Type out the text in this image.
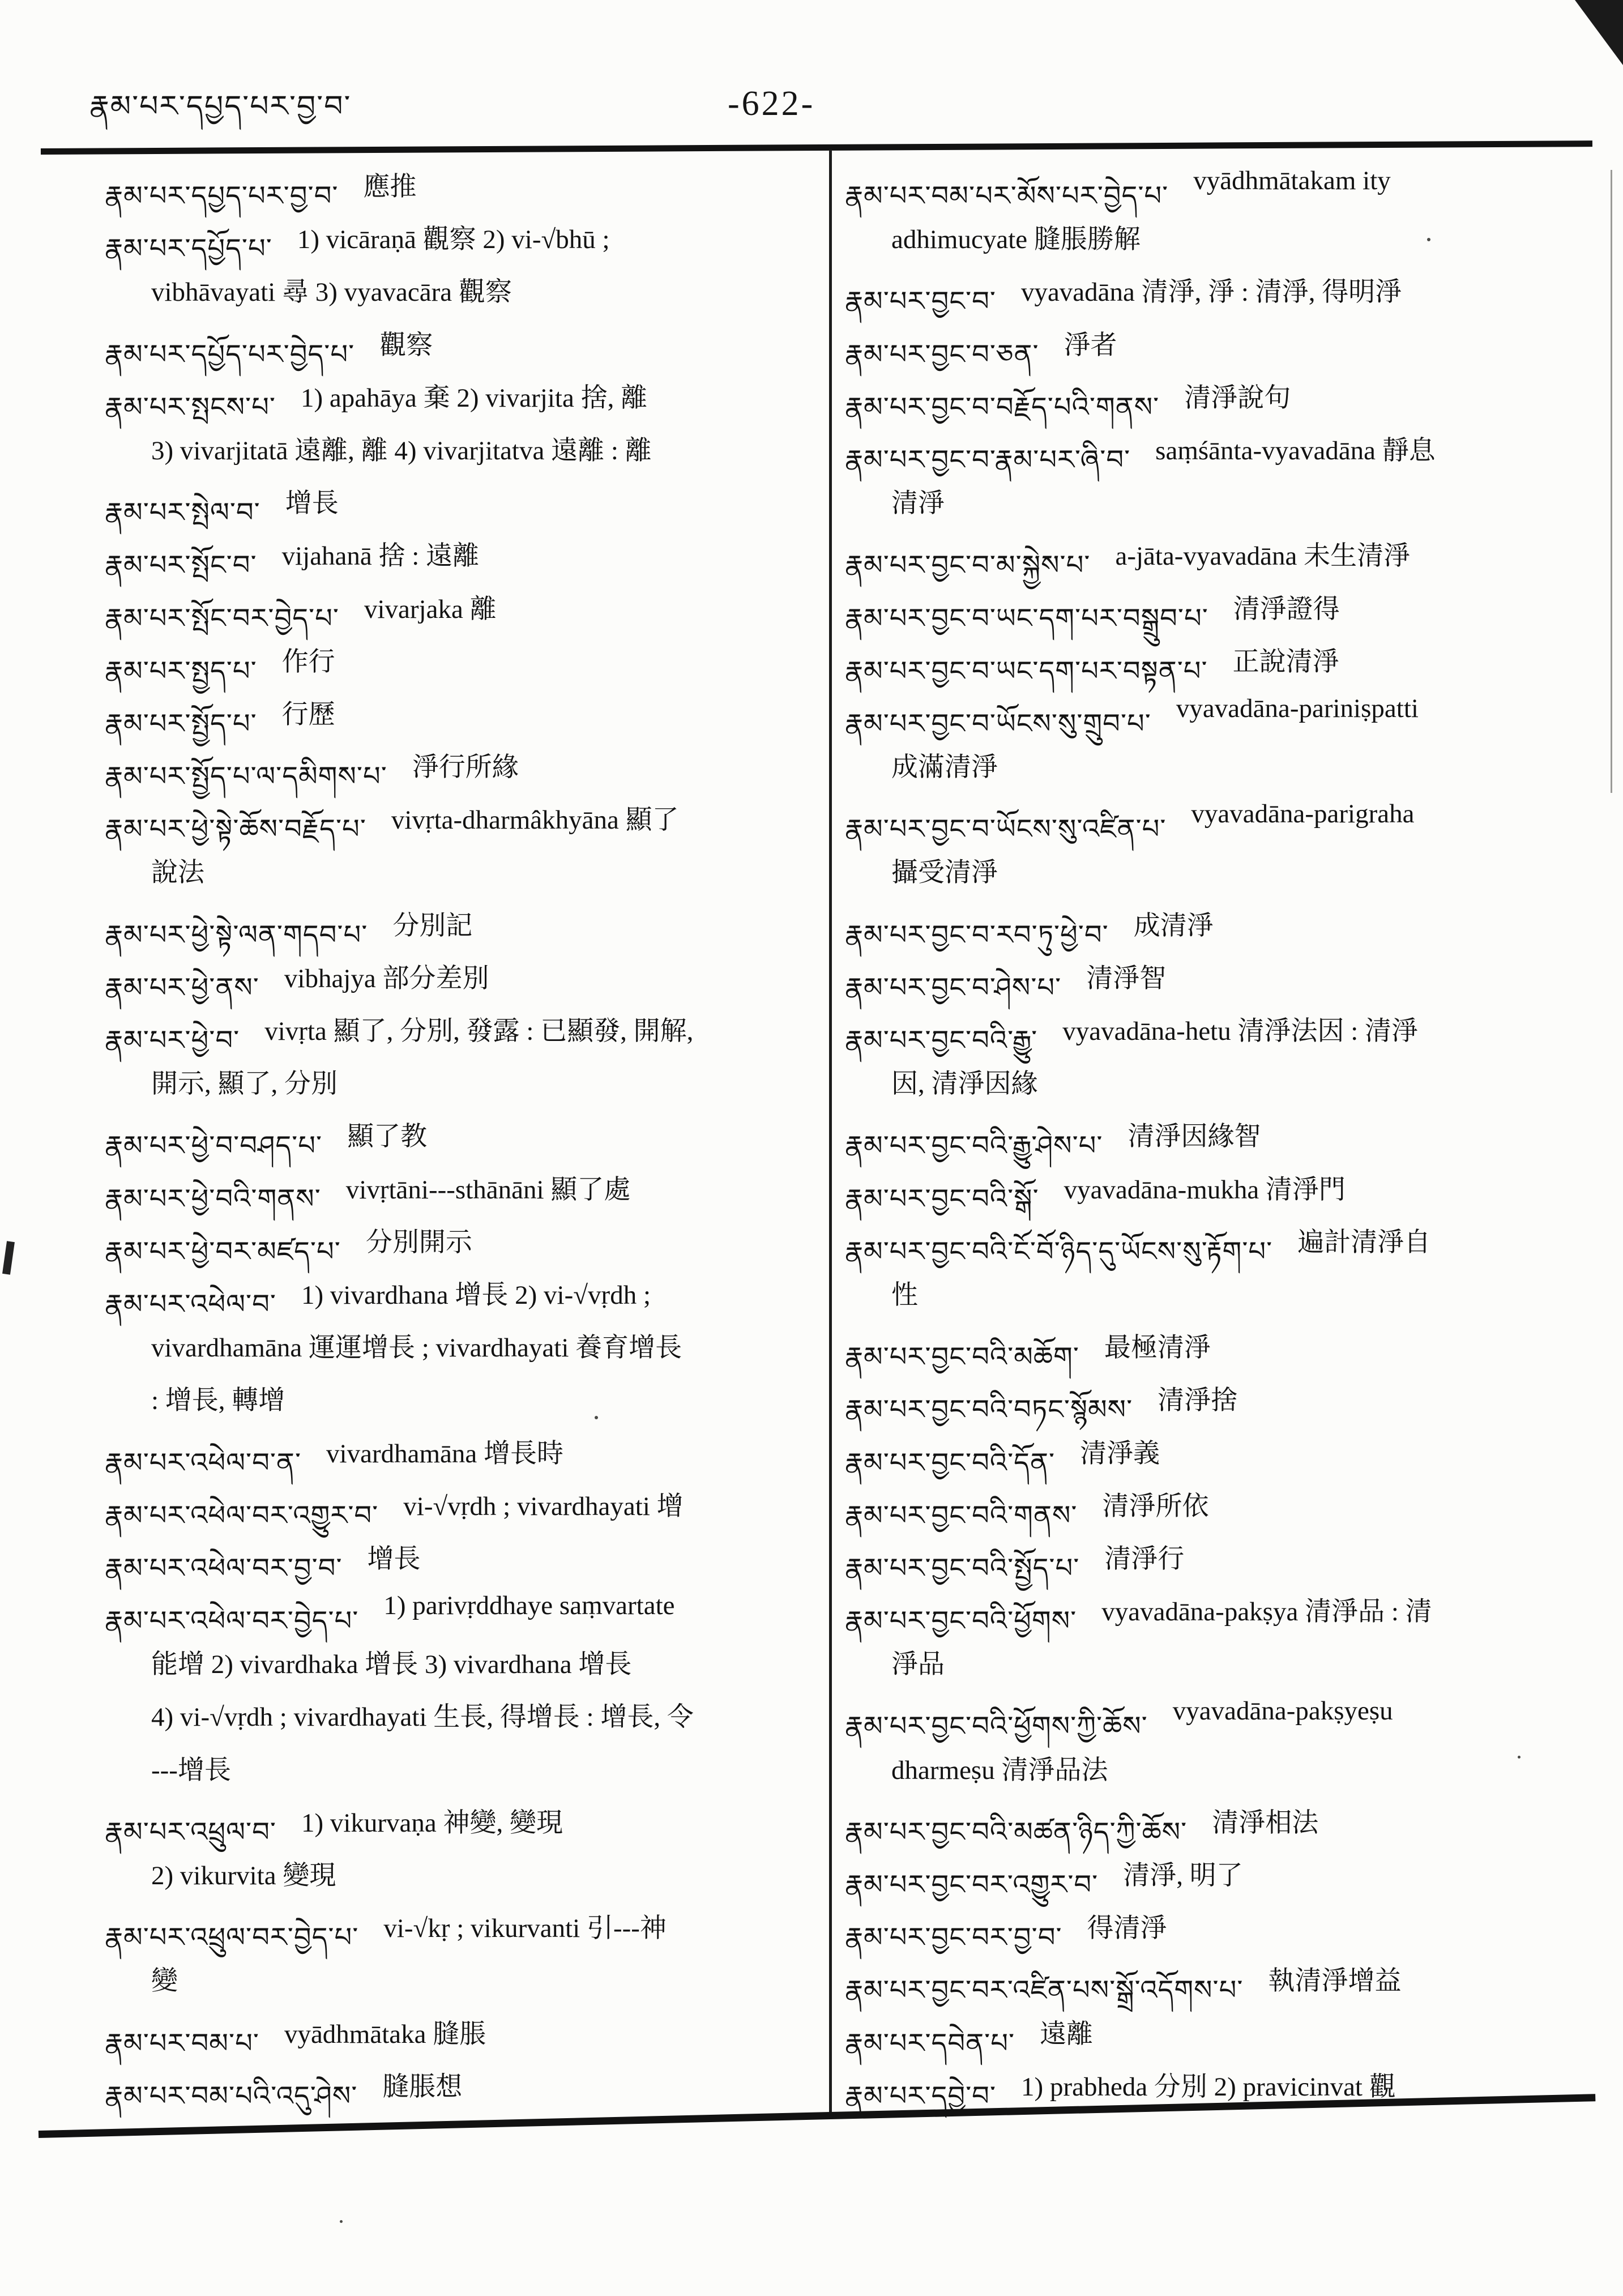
རྣམ་པར་དཔྱད་པར་བྱ་བ་	-622-
རྣམ་པར་དཔྱད་པར་བྱ་བ་ 應推
རྣམ་པར་དཔྱོད་པ་ 1) vicāraṇā 觀察 2) vi-√bhū ;
vibhāvayati 尋 3) vyavacāra 觀察
རྣམ་པར་དཔྱོད་པར་བྱེད་པ་ 觀察
རྣམ་པར་སྤངས་པ་ 1) apahāya 棄 2) vivarjita 捨, 離
3) vivarjitatā 遠離, 離 4) vivarjitatva 遠離 : 離
རྣམ་པར་སྤེལ་བ་ 增長
རྣམ་པར་སྤོང་བ་ vijahanā 捨 : 遠離
རྣམ་པར་སྤོང་བར་བྱེད་པ་ vivarjaka 離
རྣམ་པར་སྤྱད་པ་ 作行
རྣམ་པར་སྤྱོད་པ་ 行歷
རྣམ་པར་སྤྱོད་པ་ལ་དམིགས་པ་ 淨行所緣
རྣམ་པར་ཕྱེ་སྟེ་ཆོས་བརྗོད་པ་ vivṛta-dharmâkhyāna 顯了
說法
རྣམ་པར་ཕྱེ་སྟེ་ལན་གདབ་པ་ 分別記
རྣམ་པར་ཕྱེ་ནས་ vibhajya 部分差別
རྣམ་པར་ཕྱེ་བ་ vivṛta 顯了, 分別, 發露 : 已顯發, 開解,
開示, 顯了, 分別
རྣམ་པར་ཕྱེ་བ་བཤད་པ་ 顯了教
རྣམ་པར་ཕྱེ་བའི་གནས་ vivṛtāni---sthānāni 顯了處
རྣམ་པར་ཕྱེ་བར་མཛད་པ་ 分別開示
རྣམ་པར་འཕེལ་བ་ 1) vivardhana 增長 2) vi-√vṛdh ;
vivardhamāna 運運增長 ; vivardhayati 養育增長
: 增長, 轉增
རྣམ་པར་འཕེལ་བ་ན་ vivardhamāna 增長時
རྣམ་པར་འཕེལ་བར་འགྱུར་བ་ vi-√vṛdh ; vivardhayati 增
རྣམ་པར་འཕེལ་བར་བྱ་བ་ 增長
རྣམ་པར་འཕེལ་བར་བྱེད་པ་ 1) parivṛddhaye saṃvartate
能增 2) vivardhaka 增長 3) vivardhana 增長
4) vi-√vṛdh ; vivardhayati 生長, 得增長 : 增長, 令
---增長
རྣམ་པར་འཕྲུལ་བ་ 1) vikurvaṇa 神變, 變現
2) vikurvita 變現
རྣམ་པར་འཕྲུལ་བར་བྱེད་པ་ vi-√kṛ ; vikurvanti 引---神
變
རྣམ་པར་བམ་པ་ vyādhmātaka 膖脹
རྣམ་པར་བམ་པའི་འདུ་ཤེས་ 膖脹想
རྣམ་པར་བམ་པར་མོས་པར་བྱེད་པ་ vyādhmātakam ity
adhimucyate 膖脹勝解
རྣམ་པར་བྱང་བ་ vyavadāna 清淨, 淨 : 清淨, 得明淨
རྣམ་པར་བྱང་བ་ཅན་ 淨者
རྣམ་པར་བྱང་བ་བརྗོད་པའི་གནས་ 清淨說句
རྣམ་པར་བྱང་བ་རྣམ་པར་ཞི་བ་ saṃśānta-vyavadāna 靜息
清淨
རྣམ་པར་བྱང་བ་མ་སྐྱེས་པ་ a-jāta-vyavadāna 未生清淨
རྣམ་པར་བྱང་བ་ཡང་དག་པར་བསྒྲུབ་པ་ 清淨證得
རྣམ་པར་བྱང་བ་ཡང་དག་པར་བསྟན་པ་ 正說清淨
རྣམ་པར་བྱང་བ་ཡོངས་སུ་གྲུབ་པ་ vyavadāna-pariniṣpatti
成滿清淨
རྣམ་པར་བྱང་བ་ཡོངས་སུ་འཛིན་པ་ vyavadāna-parigraha
攝受清淨
རྣམ་པར་བྱང་བ་རབ་ཏུ་ཕྱེ་བ་ 成清淨
རྣམ་པར་བྱང་བ་ཤེས་པ་ 清淨智
རྣམ་པར་བྱང་བའི་རྒྱུ་ vyavadāna-hetu 清淨法因 : 清淨
因, 清淨因緣
རྣམ་པར་བྱང་བའི་རྒྱུ་ཤེས་པ་ 清淨因緣智
རྣམ་པར་བྱང་བའི་སྒོ་ vyavadāna-mukha 清淨門
རྣམ་པར་བྱང་བའི་ངོ་བོ་ཉིད་དུ་ཡོངས་སུ་རྟོག་པ་ 遍計清淨自
性
རྣམ་པར་བྱང་བའི་མཆོག་ 最極清淨
རྣམ་པར་བྱང་བའི་བཏང་སྙོམས་ 清淨捨
རྣམ་པར་བྱང་བའི་དོན་ 清淨義
རྣམ་པར་བྱང་བའི་གནས་ 清淨所依
རྣམ་པར་བྱང་བའི་སྤྱོད་པ་ 清淨行
རྣམ་པར་བྱང་བའི་ཕྱོགས་ vyavadāna-pakṣya 清淨品 : 清
淨品
རྣམ་པར་བྱང་བའི་ཕྱོགས་ཀྱི་ཆོས་ vyavadāna-pakṣyeṣu
dharmeṣu 清淨品法
རྣམ་པར་བྱང་བའི་མཚན་ཉིད་ཀྱི་ཆོས་ 清淨相法
རྣམ་པར་བྱང་བར་འགྱུར་བ་ 清淨, 明了
རྣམ་པར་བྱང་བར་བྱ་བ་ 得清淨
རྣམ་པར་བྱང་བར་འཛིན་པས་སྒྲོ་འདོགས་པ་ 執清淨增益
རྣམ་པར་དབེན་པ་ 遠離
རྣམ་པར་དབྱེ་བ་ 1) prabheda 分別 2) pravicinvat 觀
